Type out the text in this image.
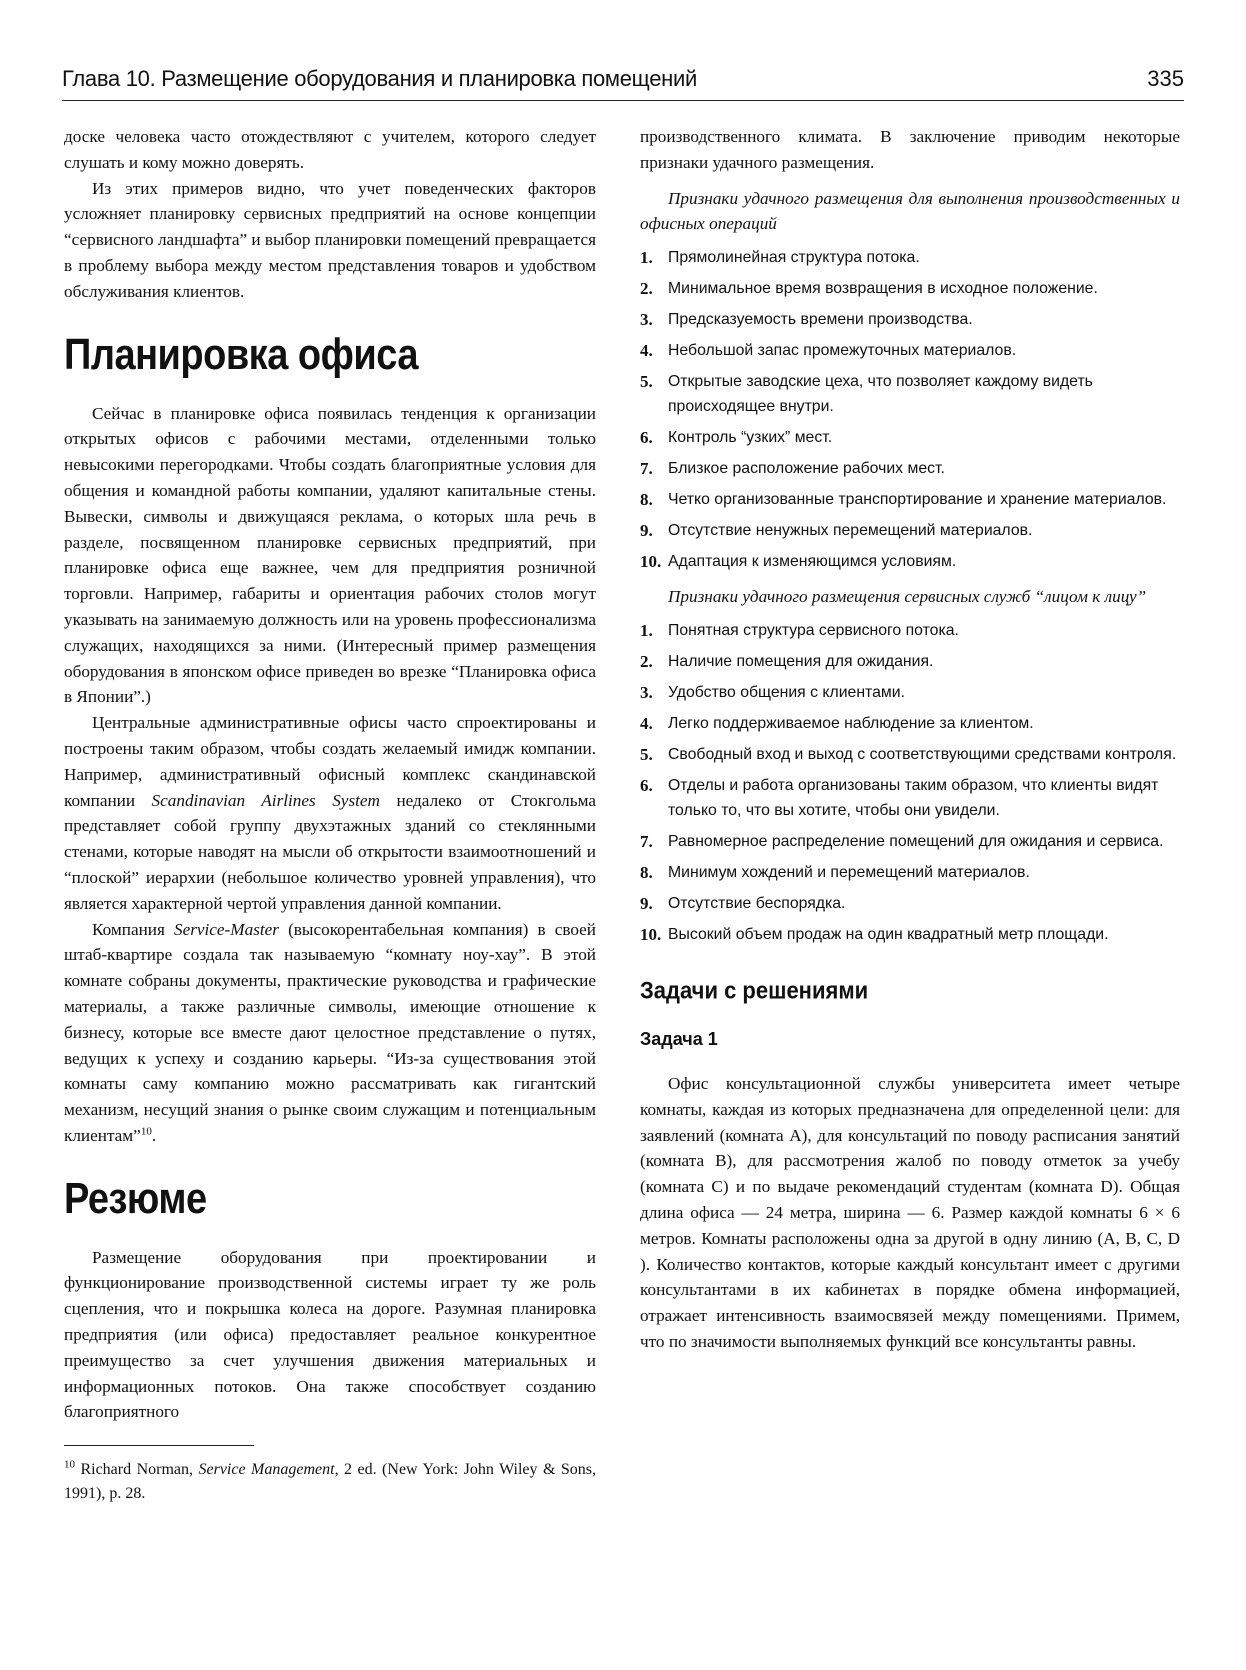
Глава 10. Размещение оборудования и планировка помещений	335

доске человека часто отождествляют с учителем, которого следует слушать и кому можно доверять.

Из этих примеров видно, что учет поведенческих факторов усложняет планировку сервисных предприятий на основе концепции “сервисного ландшафта” и выбор планировки помещений превращается в проблему выбора между местом представления товаров и удобством обслуживания клиентов.

Планировка офиса

Сейчас в планировке офиса появилась тенденция к организации открытых офисов с рабочими местами, отделенными только невысокими перегородками. Чтобы создать благоприятные условия для общения и командной работы компании, удаляют капитальные стены. Вывески, символы и движущаяся реклама, о которых шла речь в разделе, посвященном планировке сервисных предприятий, при планировке офиса еще важнее, чем для предприятия розничной торговли. Например, габариты и ориентация рабочих столов могут указывать на занимаемую должность или на уровень профессионализма служащих, находящихся за ними. (Интересный пример размещения оборудования в японском офисе приведен во врезке “Планировка офиса в Японии”.)

Центральные административные офисы часто спроектированы и построены таким образом, чтобы создать желаемый имидж компании. Например, административный офисный комплекс скандинавской компании Scandinavian Airlines System недалеко от Стокгольма представляет собой группу двухэтажных зданий со стеклянными стенами, которые наводят на мысли об открытости взаимоотношений и “плоской” иерархии (небольшое количество уровней управления), что является характерной чертой управления данной компании.

Компания Service-Master (высокорентабельная компания) в своей штаб-квартире создала так называемую “комнату ноу-хау”. В этой комнате собраны документы, практические руководства и графические материалы, а также различные символы, имеющие отношение к бизнесу, которые все вместе дают целостное представление о путях, ведущих к успеху и созданию карьеры. “Из-за существования этой комнаты саму компанию можно рассматривать как гигантский механизм, несущий знания о рынке своим служащим и потенциальным клиентам”$^{10}$.

Резюме

Размещение оборудования при проектировании и функционирование производственной системы играет ту же роль сцепления, что и покрышка колеса на дороге. Разумная планировка предприятия (или офиса) предоставляет реальное конкурентное преимущество за счет улучшения движения материальных и информационных потоков. Она также способствует созданию благоприятного

$^{10}$ Richard Norman, Service Management, 2 ed. (New York: John Wiley & Sons, 1991), p. 28.

производственного климата. В заключение приводим некоторые признаки удачного размещения.

Признаки удачного размещения для выполнения производственных и офисных операций

1. Прямолинейная структура потока.
2. Минимальное время возвращения в исходное положение.
3. Предсказуемость времени производства.
4. Небольшой запас промежуточных материалов.
5. Открытые заводские цеха, что позволяет каждому видеть происходящее внутри.
6. Контроль “узких” мест.
7. Близкое расположение рабочих мест.
8. Четко организованные транспортирование и хранение материалов.
9. Отсутствие ненужных перемещений материалов.
10. Адаптация к изменяющимся условиям.

Признаки удачного размещения сервисных служб “лицом к лицу”

1. Понятная структура сервисного потока.
2. Наличие помещения для ожидания.
3. Удобство общения с клиентами.
4. Легко поддерживаемое наблюдение за клиентом.
5. Свободный вход и выход с соответствующими средствами контроля.
6. Отделы и работа организованы таким образом, что клиенты видят только то, что вы хотите, чтобы они увидели.
7. Равномерное распределение помещений для ожидания и сервиса.
8. Минимум хождений и перемещений материалов.
9. Отсутствие беспорядка.
10. Высокий объем продаж на один квадратный метр площади.
Задачи с решениями
Задача 1

Офис консультационной службы университета имеет четыре комнаты, каждая из которых предназначена для определенной цели: для заявлений (комната А), для консультаций по поводу расписания занятий (комната В), для рассмотрения жалоб по поводу отметок за учебу (комната С) и по выдаче рекомендаций студентам (комната D). Общая длина офиса — 24 метра, ширина — 6. Размер каждой комнаты 6 × 6 метров. Комнаты расположены одна за другой в одну линию (А, В, С, D ). Количество контактов, которые каждый консультант имеет с другими консультантами в их кабинетах в порядке обмена информацией, отражает интенсивность взаимосвязей между помещениями. Примем, что по значимости выполняемых функций все консультанты равны.
